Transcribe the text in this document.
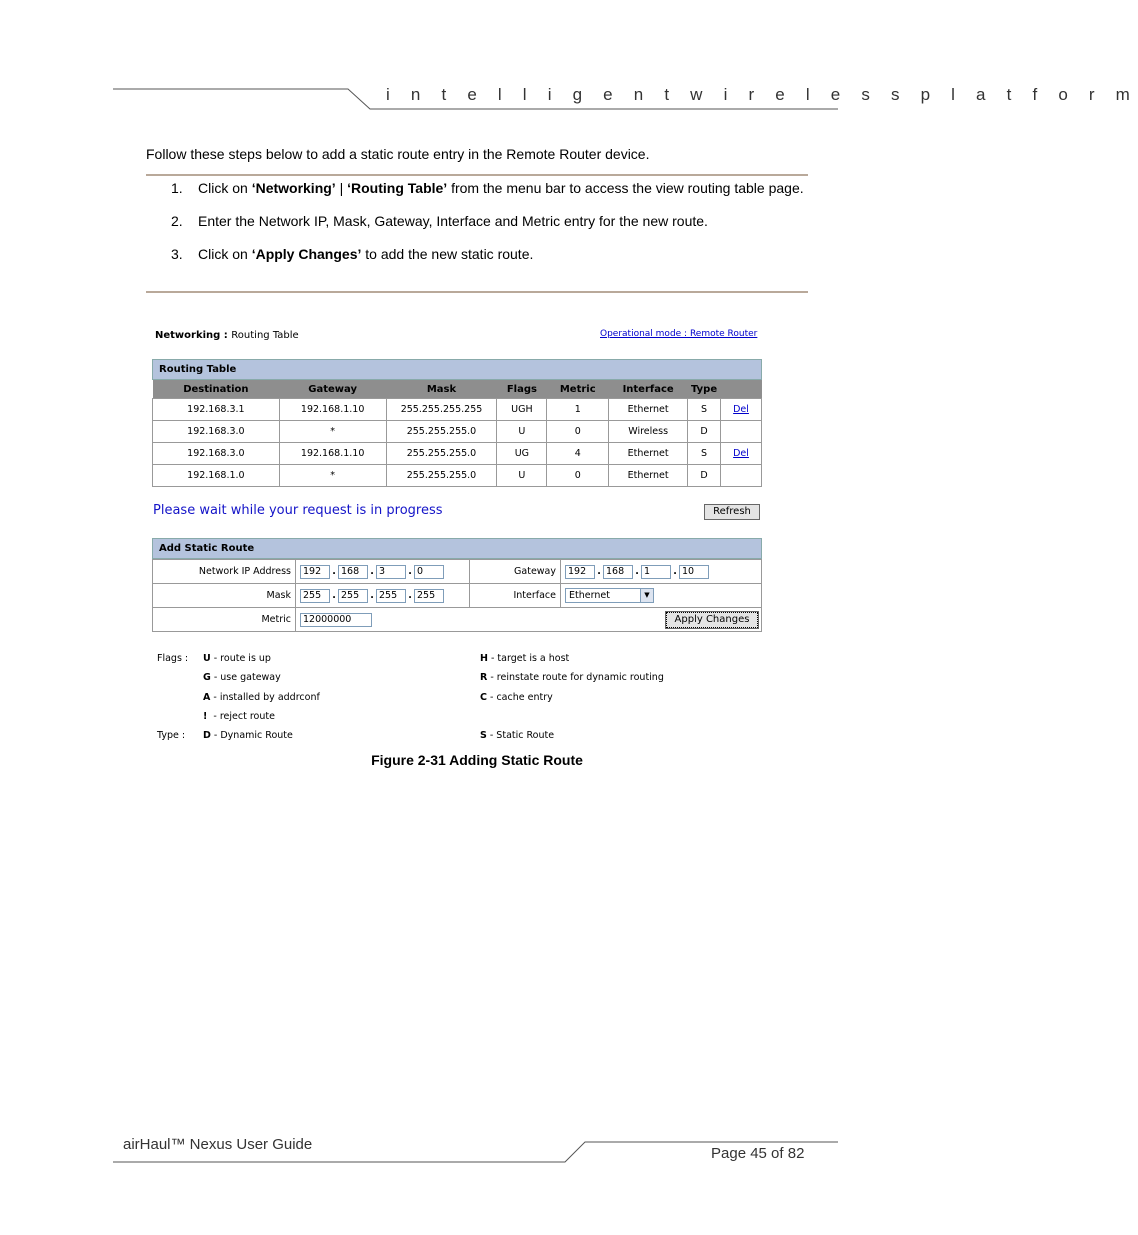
i n t e l l i g e n t w i r e l e s s p l a t f o r m
Follow these steps below to add a static route entry in the Remote Router device.
1. Click on ‘Networking’ | ‘Routing Table’ from the menu bar to access the view routing table page.
2. Enter the Network IP, Mask, Gateway, Interface and Metric entry for the new route.
3. Click on ‘Apply Changes’ to add the new static route.
Networking : Routing Table	Operational mode : Remote Router
Routing Table
Destination	Gateway	Mask	Flags	Metric	Interface	Type	
192.168.3.1	192.168.1.10	255.255.255.255	UGH	1	Ethernet	S	Del
192.168.3.0	*	255.255.255.0	U	0	Wireless	D	
192.168.3.0	192.168.1.10	255.255.255.0	UG	4	Ethernet	S	Del
192.168.1.0	*	255.255.255.0	U	0	Ethernet	D	
Please wait while your request is in progress	Refresh
Add Static Route
Network IP Address	192 . 168 . 3 . 0	Gateway	192 . 168 . 1 . 10
Mask	255 . 255 . 255 . 255	Interface	Ethernet ▼

Metric	12000000 Apply Changes		
Flags :

Type :
U - route is up
G - use gateway
A - installed by addrconf
!  - reject route
D - Dynamic Route
H - target is a host
R - reinstate route for dynamic routing
C - cache entry

S - Static Route
Figure 2-31 Adding Static Route
airHaul™ Nexus User Guide
Page 45 of 82
